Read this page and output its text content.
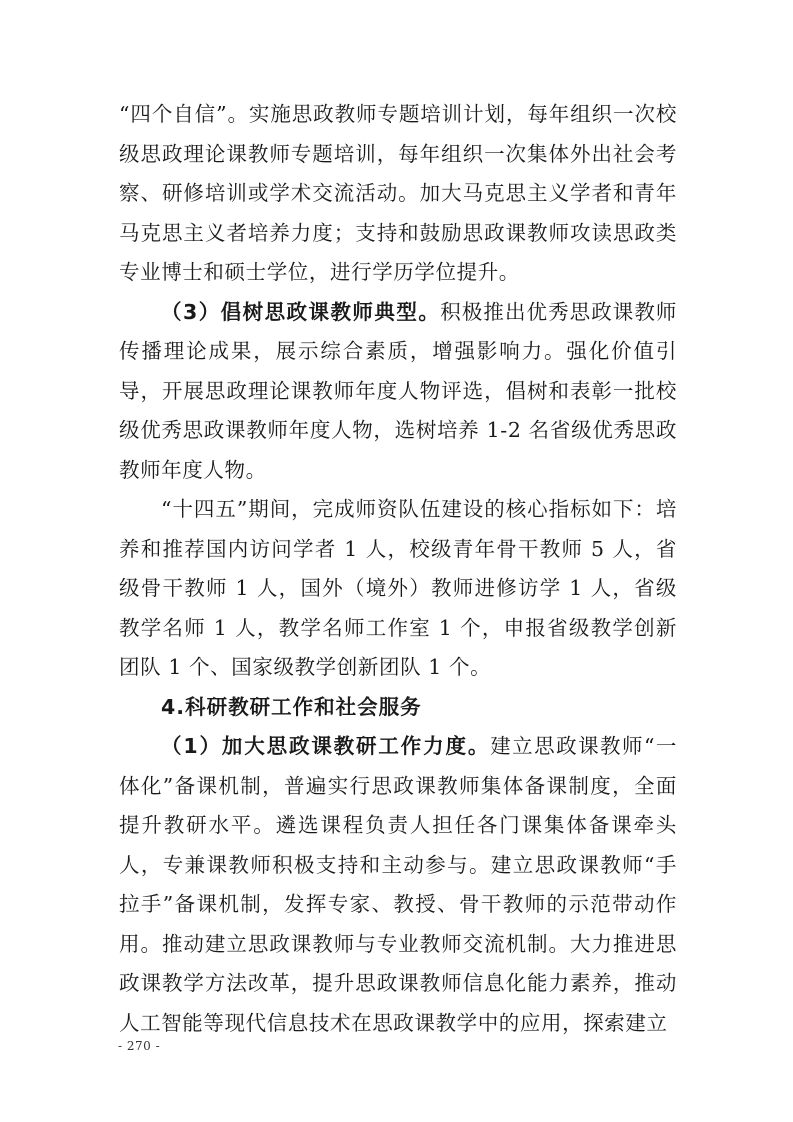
“四个自信”。实施思政教师专题培训计划，每年组织一次校级思政理论课教师专题培训，每年组织一次集体外出社会考察、研修培训或学术交流活动。加大马克思主义学者和青年马克思主义者培养力度；支持和鼓励思政课教师攻读思政类专业博士和硕士学位，进行学历学位提升。

（3）倡树思政课教师典型。积极推出优秀思政课教师传播理论成果，展示综合素质，增强影响力。强化价值引导，开展思政理论课教师年度人物评选，倡树和表彰一批校级优秀思政课教师年度人物，选树培养 1-2 名省级优秀思政教师年度人物。

“十四五”期间，完成师资队伍建设的核心指标如下：培养和推荐国内访问学者 1 人，校级青年骨干教师 5 人，省级骨干教师 1 人，国外（境外）教师进修访学 1 人，省级教学名师 1 人，教学名师工作室 1 个，申报省级教学创新团队 1 个、国家级教学创新团队 1 个。

4.科研教研工作和社会服务

（1）加大思政课教研工作力度。建立思政课教师“一体化”备课机制，普遍实行思政课教师集体备课制度，全面提升教研水平。遴选课程负责人担任各门课集体备课牵头人，专兼课教师积极支持和主动参与。建立思政课教师“手拉手”备课机制，发挥专家、教授、骨干教师的示范带动作用。推动建立思政课教师与专业教师交流机制。大力推进思政课教学方法改革，提升思政课教师信息化能力素养，推动人工智能等现代信息技术在思政课教学中的应用，探索建立

- 270 -
